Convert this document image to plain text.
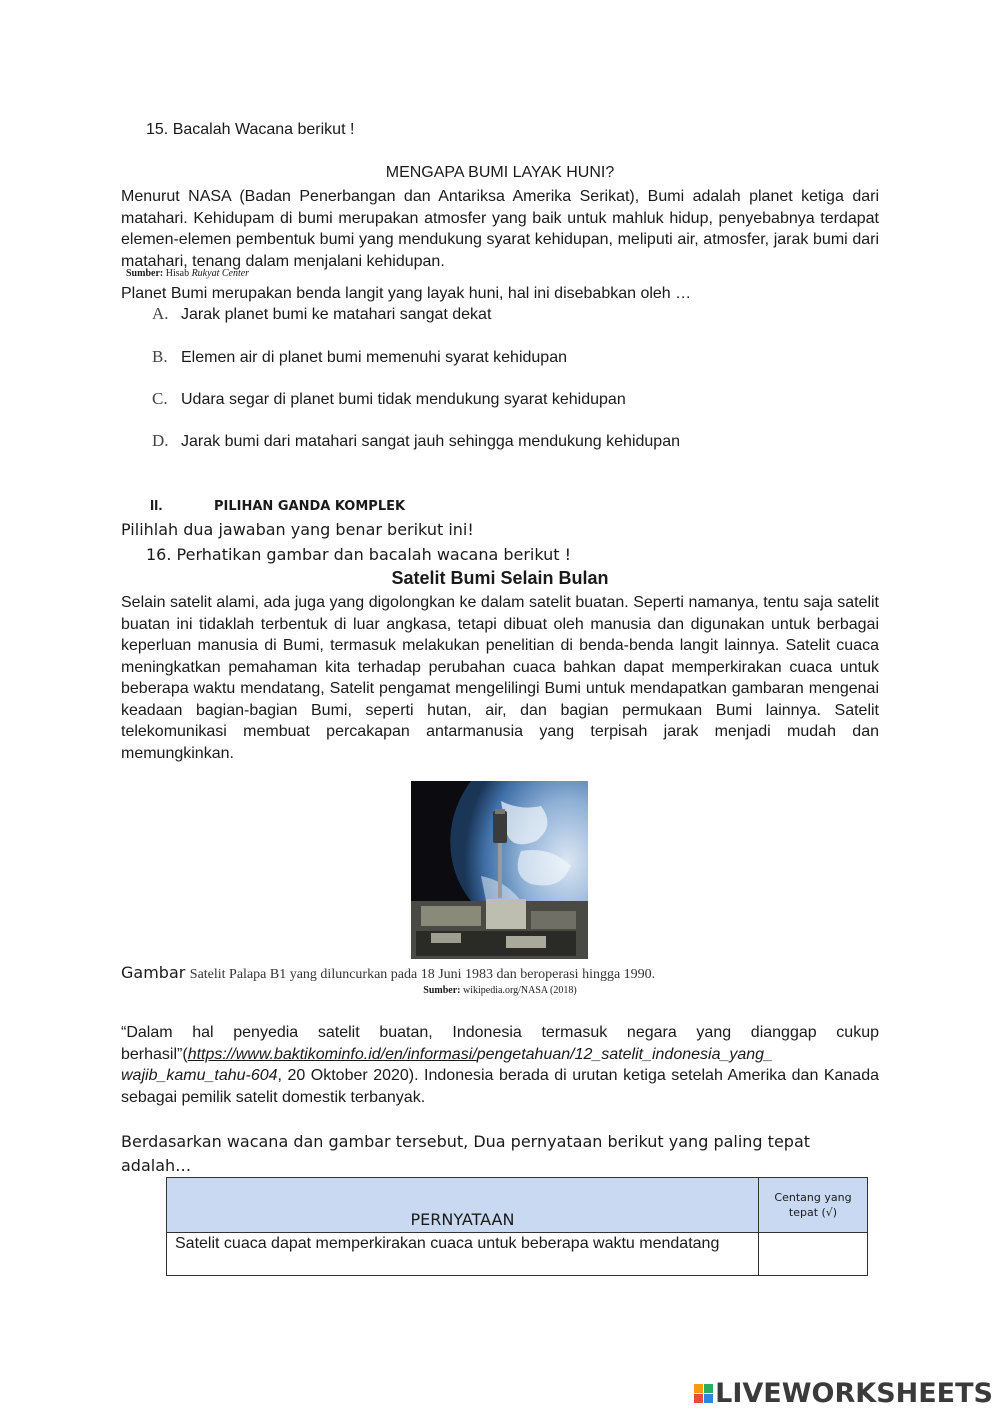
15. Bacalah Wacana berikut !
MENGAPA BUMI LAYAK HUNI?
Menurut NASA (Badan Penerbangan dan Antariksa Amerika Serikat), Bumi adalah planet ketiga dari matahari. Kehidupam di bumi merupakan atmosfer yang baik untuk mahluk hidup, penyebabnya terdapat elemen-elemen pembentuk bumi yang mendukung syarat kehidupan, meliputi air, atmosfer, jarak bumi dari matahari, tenang dalam menjalani kehidupan.
Sumber: Hisab Rukyat Center
Planet Bumi merupakan benda langit yang layak huni, hal ini disebabkan oleh …
A. Jarak planet bumi ke matahari sangat dekat
B. Elemen air di planet bumi memenuhi syarat kehidupan
C. Udara segar di planet bumi tidak mendukung syarat kehidupan
D. Jarak bumi dari matahari sangat jauh sehingga mendukung kehidupan
II.	PILIHAN GANDA KOMPLEK
Pilihlah dua jawaban yang benar berikut ini!
16. Perhatikan gambar dan bacalah wacana berikut !
Satelit Bumi Selain Bulan
Selain satelit alami, ada juga yang digolongkan ke dalam satelit buatan. Seperti namanya, tentu saja satelit buatan ini tidaklah terbentuk di luar angkasa, tetapi dibuat oleh manusia dan digunakan untuk berbagai keperluan manusia di Bumi, termasuk melakukan penelitian di benda-benda langit lainnya. Satelit cuaca meningkatkan pemahaman kita terhadap perubahan cuaca bahkan dapat memperkirakan cuaca untuk beberapa waktu mendatang, Satelit pengamat mengelilingi Bumi untuk mendapatkan gambaran mengenai keadaan bagian-bagian Bumi, seperti hutan, air, dan bagian permukaan Bumi lainnya. Satelit telekomunikasi membuat percakapan antarmanusia yang terpisah jarak menjadi mudah dan memungkinkan.
Gambar Satelit Palapa B1 yang diluncurkan pada 18 Juni 1983 dan beroperasi hingga 1990.
Sumber: wikipedia.org/NASA (2018)
“Dalam hal penyedia satelit buatan, Indonesia termasuk negara yang dianggap cukup berhasil”(https://www.baktikominfo.id/en/informasi/pengetahuan/12_satelit_indonesia_yang_ wajib_kamu_tahu-604, 20 Oktober 2020). Indonesia berada di urutan ketiga setelah Amerika dan Kanada sebagai pemilik satelit domestik terbanyak.
Berdasarkan wacana dan gambar tersebut, Dua pernyataan berikut yang paling tepat adalah…
PERNYATAAN	Centang yang tepat (√)
Satelit cuaca dapat memperkirakan cuaca untuk beberapa waktu mendatang	
LIVEWORKSHEETS
